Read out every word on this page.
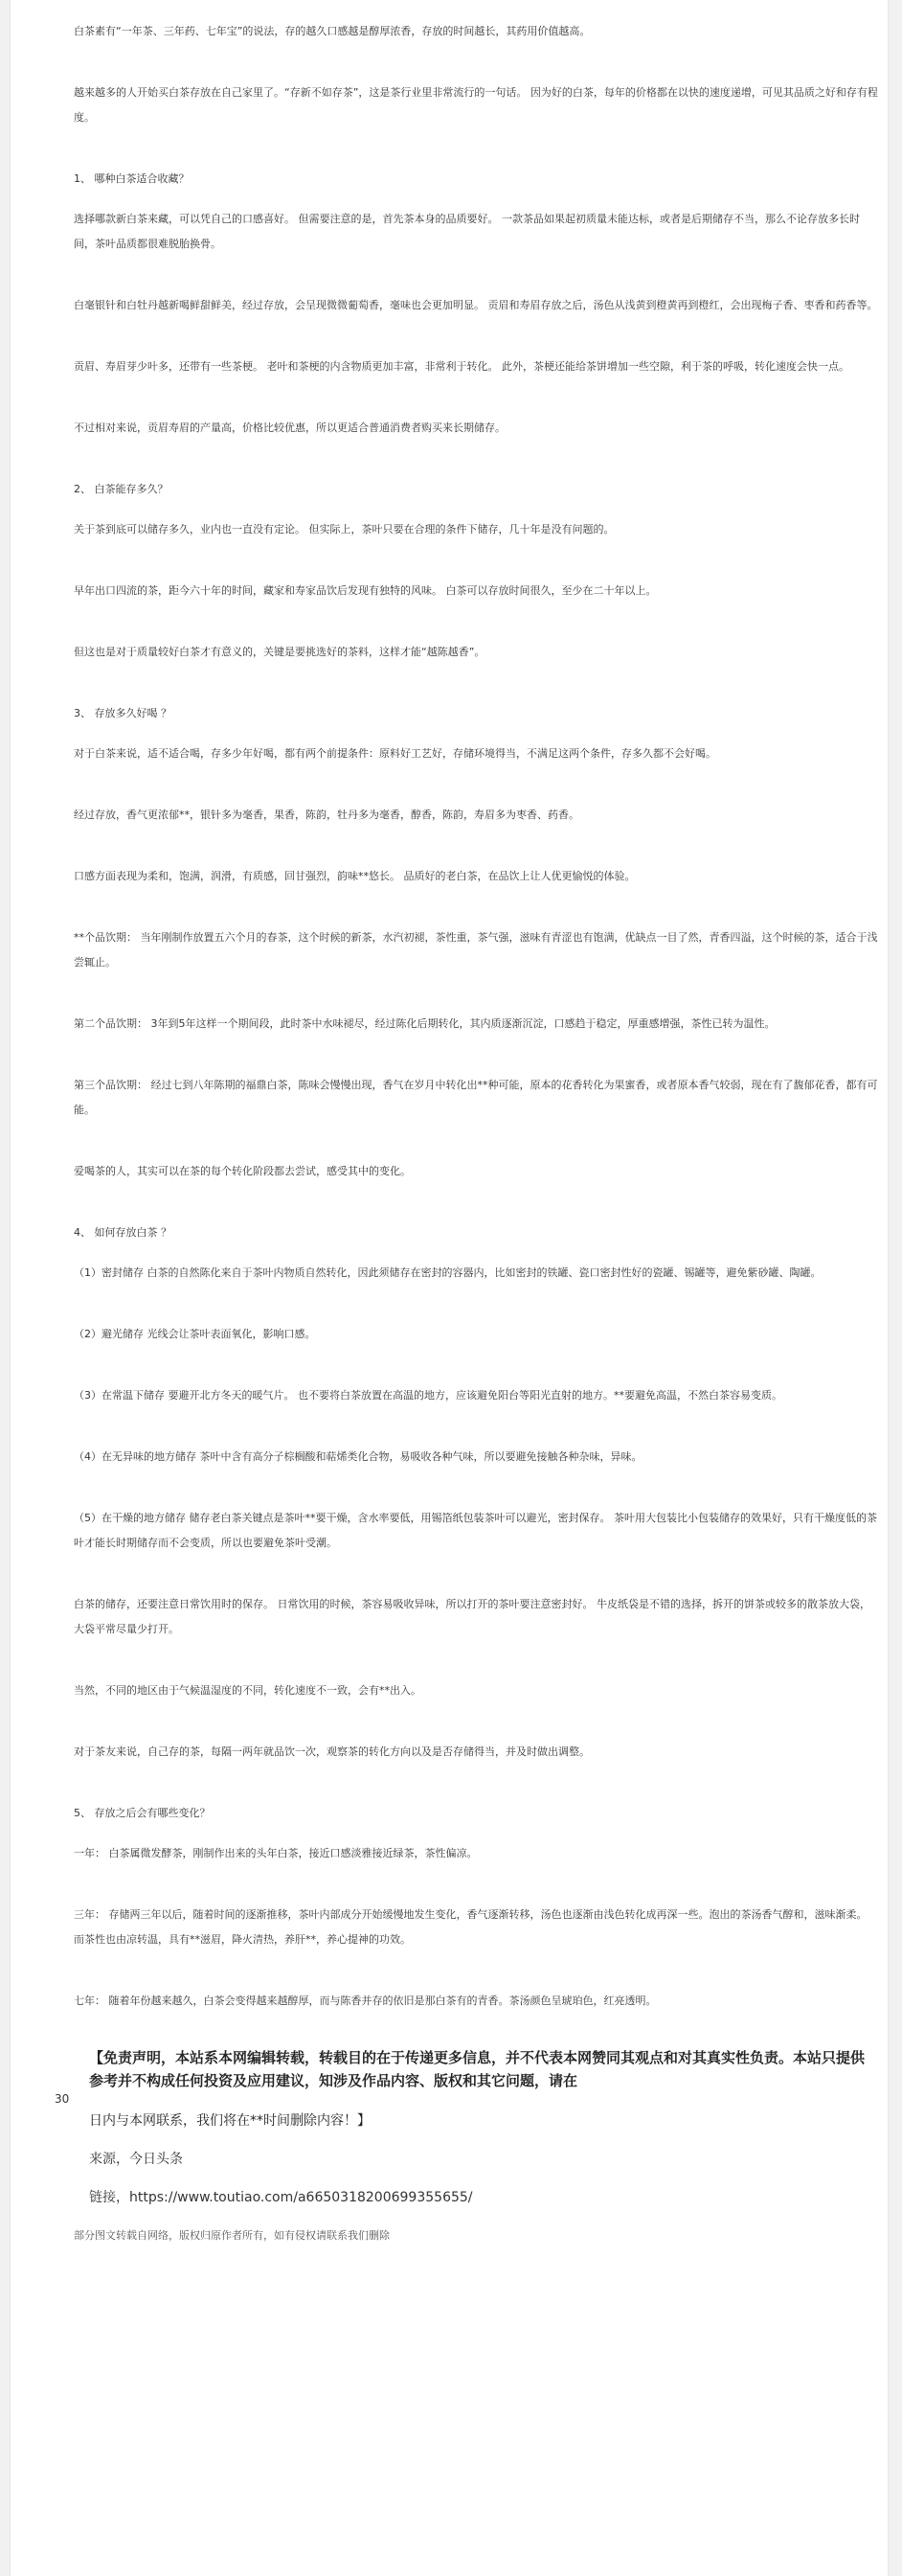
白茶素有“一年茶、三年药、七年宝”的说法，存的越久口感越是醇厚浓香，存放的时间越长，其药用价值越高。

越来越多的人开始买白茶存放在自己家里了。“存新不如存茶”，这是茶行业里非常流行的一句话。 因为好的白茶，每年的价格都在以快的速度递增，可见其品质之好和存有程度。

1、 哪种白茶适合收藏？

选择哪款新白茶来藏，可以凭自己的口感喜好。 但需要注意的是，首先茶本身的品质要好。 一款茶品如果起初质量未能达标，或者是后期储存不当，那么不论存放多长时间，茶叶品质都很难脱胎换骨。

白毫银针和白牡丹越新喝鲜甜鲜美，经过存放，会呈现微微葡萄香，毫味也会更加明显。 贡眉和寿眉存放之后，汤色从浅黄到橙黄再到橙红，会出现梅子香、枣香和药香等。

贡眉、寿眉芽少叶多，还带有一些茶梗。 老叶和茶梗的内含物质更加丰富，非常利于转化。 此外，茶梗还能给茶饼增加一些空隙，利于茶的呼吸，转化速度会快一点。

不过相对来说，贡眉寿眉的产量高，价格比较优惠，所以更适合普通消费者购买来长期储存。

2、 白茶能存多久？

关于茶到底可以储存多久，业内也一直没有定论。 但实际上，茶叶只要在合理的条件下储存，几十年是没有问题的。

早年出口四流的茶，距今六十年的时间，藏家和寿家品饮后发现有独特的风味。 白茶可以存放时间很久，至少在二十年以上。

但这也是对于质量较好白茶才有意义的，关键是要挑选好的茶料，这样才能“越陈越香”。

3、 存放多久好喝 ？

对于白茶来说，适不适合喝，存多少年好喝，都有两个前提条件：原料好工艺好，存储环境得当，不满足这两个条件，存多久都不会好喝。

经过存放，香气更浓郁**，银针多为毫香，果香，陈韵，牡丹多为毫香，醇香，陈韵，寿眉多为枣香、药香。

口感方面表现为柔和，饱满，润滑，有质感，回甘强烈，韵味**悠长。 品质好的老白茶，在品饮上让人优更愉悦的体验。

**个品饮期： 当年刚制作放置五六个月的春茶，这个时候的新茶，水汽初褪，茶性重，茶气强，滋味有青涩也有饱满，优缺点一目了然，青香四溢，这个时候的茶，适合于浅尝辄止。

第二个品饮期： 3年到5年这样一个期间段，此时茶中水味褪尽，经过陈化后期转化，其内质逐渐沉淀，口感趋于稳定，厚重感增强，茶性已转为温性。

第三个品饮期： 经过七到八年陈期的福鼎白茶，陈味会慢慢出现，香气在岁月中转化出**种可能，原本的花香转化为果蜜香，或者原本香气较弱，现在有了馥郁花香，都有可能。

爱喝茶的人，其实可以在茶的每个转化阶段都去尝试，感受其中的变化。

4、 如何存放白茶 ？

（1）密封储存 白茶的自然陈化来自于茶叶内物质自然转化，因此须储存在密封的容器内，比如密封的铁罐、瓷口密封性好的瓷罐、锡罐等，避免紫砂罐、陶罐。

（2）避光储存 光线会让茶叶表面氧化，影响口感。

（3）在常温下储存 要避开北方冬天的暖气片。 也不要将白茶放置在高温的地方，应该避免阳台等阳光直射的地方。**要避免高温，不然白茶容易变质。

（4）在无异味的地方储存 茶叶中含有高分子棕榈酸和萜烯类化合物，易吸收各种气味，所以要避免接触各种杂味，异味。

（5）在干燥的地方储存 储存老白茶关键点是茶叶**要干燥，含水率要低，用锡箔纸包装茶叶可以避光，密封保存。 茶叶用大包装比小包装储存的效果好，只有干燥度低的茶叶才能长时期储存而不会变质，所以也要避免茶叶受潮。

白茶的储存，还要注意日常饮用时的保存。 日常饮用的时候，茶容易吸收异味，所以打开的茶叶要注意密封好。 牛皮纸袋是不错的选择，拆开的饼茶或较多的散茶放大袋，大袋平常尽量少打开。

当然，不同的地区由于气候温湿度的不同，转化速度不一致，会有**出入。

对于茶友来说，自己存的茶，每隔一两年就品饮一次，观察茶的转化方向以及是否存储得当，并及时做出调整。

5、 存放之后会有哪些变化？

一年： 白茶属微发酵茶，刚制作出来的头年白茶，接近口感淡雅接近绿茶，茶性偏凉。

三年： 存储两三年以后，随着时间的逐渐推移，茶叶内部成分开始缓慢地发生变化，香气逐渐转移，汤色也逐渐由浅色转化成再深一些。泡出的茶汤香气醇和，滋味渐柔。 而茶性也由凉转温，具有**滋眉，降火清热，养肝**，养心提神的功效。

七年： 随着年份越来越久，白茶会变得越来越醇厚，而与陈香并存的依旧是那白茶有的青香。茶汤颜色呈琥珀色，红亮透明。

【免责声明，本站系本网编辑转载，转载目的在于传递更多信息，并不代表本网赞同其观点和对其真实性负责。本站只提供参考并不构成任何投资及应用建议，知涉及作品内容、版权和其它问题，请在

30

日内与本网联系，我们将在**时间删除内容！】

来源，今日头条

链接，https://www.toutiao.com/a6650318200699355655/

部分图文转载自网络，版权归原作者所有，如有侵权请联系我们删除
